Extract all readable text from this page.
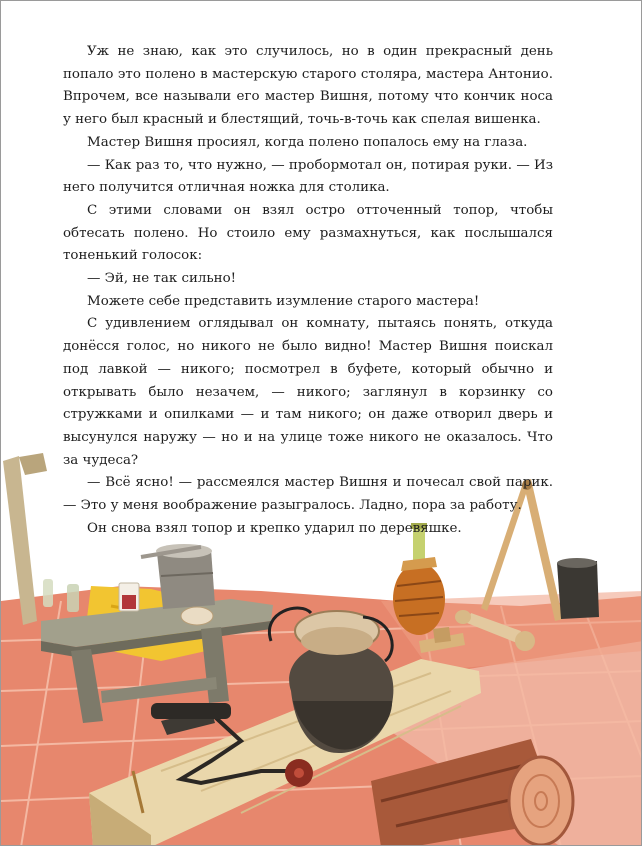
Уж не знаю, как это случилось, но в один прекрасный день попало это полено в мастерскую старого столяра, мастера Антонио. Впрочем, все называли его мастер Вишня, потому что кончик носа у него был красный и блестящий, точь-в-точь как спелая вишенка.

Мастер Вишня просиял, когда полено попалось ему на глаза.

— Как раз то, что нужно, — пробормотал он, потирая руки. — Из него получится отличная ножка для столика.

С этими словами он взял остро отточенный топор, чтобы обтесать полено. Но стоило ему размахнуться, как послышался тоненький голосок:

— Эй, не так сильно!

Можете себе представить изумление старого мастера!

С удивлением оглядывал он комнату, пытаясь понять, откуда донёсся голос, но никого не было видно! Мастер Вишня поискал под лавкой — никого; посмотрел в буфете, который обычно и открывать было незачем, — никого; заглянул в корзинку со стружками и опилками — и там никого; он даже отворил дверь и высунулся наружу — но и на улице тоже никого не оказалось. Что за чудеса?

— Всё ясно! — рассмеялся мастер Вишня и почесал свой парик. — Это у меня воображение разыгралось. Ладно, пора за работу.

Он снова взял топор и крепко ударил по деревяшке.
